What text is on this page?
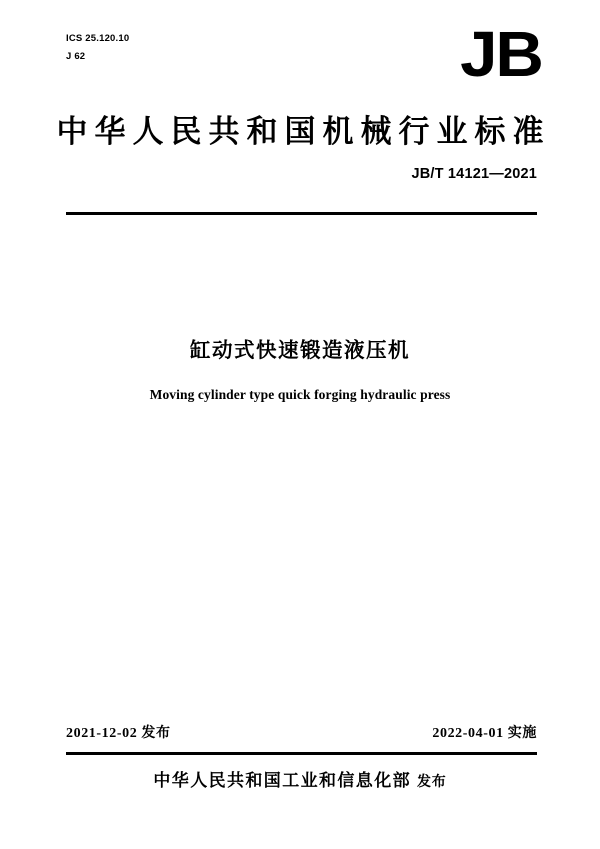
ICS 25.120.10
J 62	JB
中华人民共和国机械行业标准
JB/T 14121—2021
缸动式快速锻造液压机
Moving cylinder type quick forging hydraulic press
2021-12-02 发布	2022-04-01 实施
中华人民共和国工业和信息化部 发布
